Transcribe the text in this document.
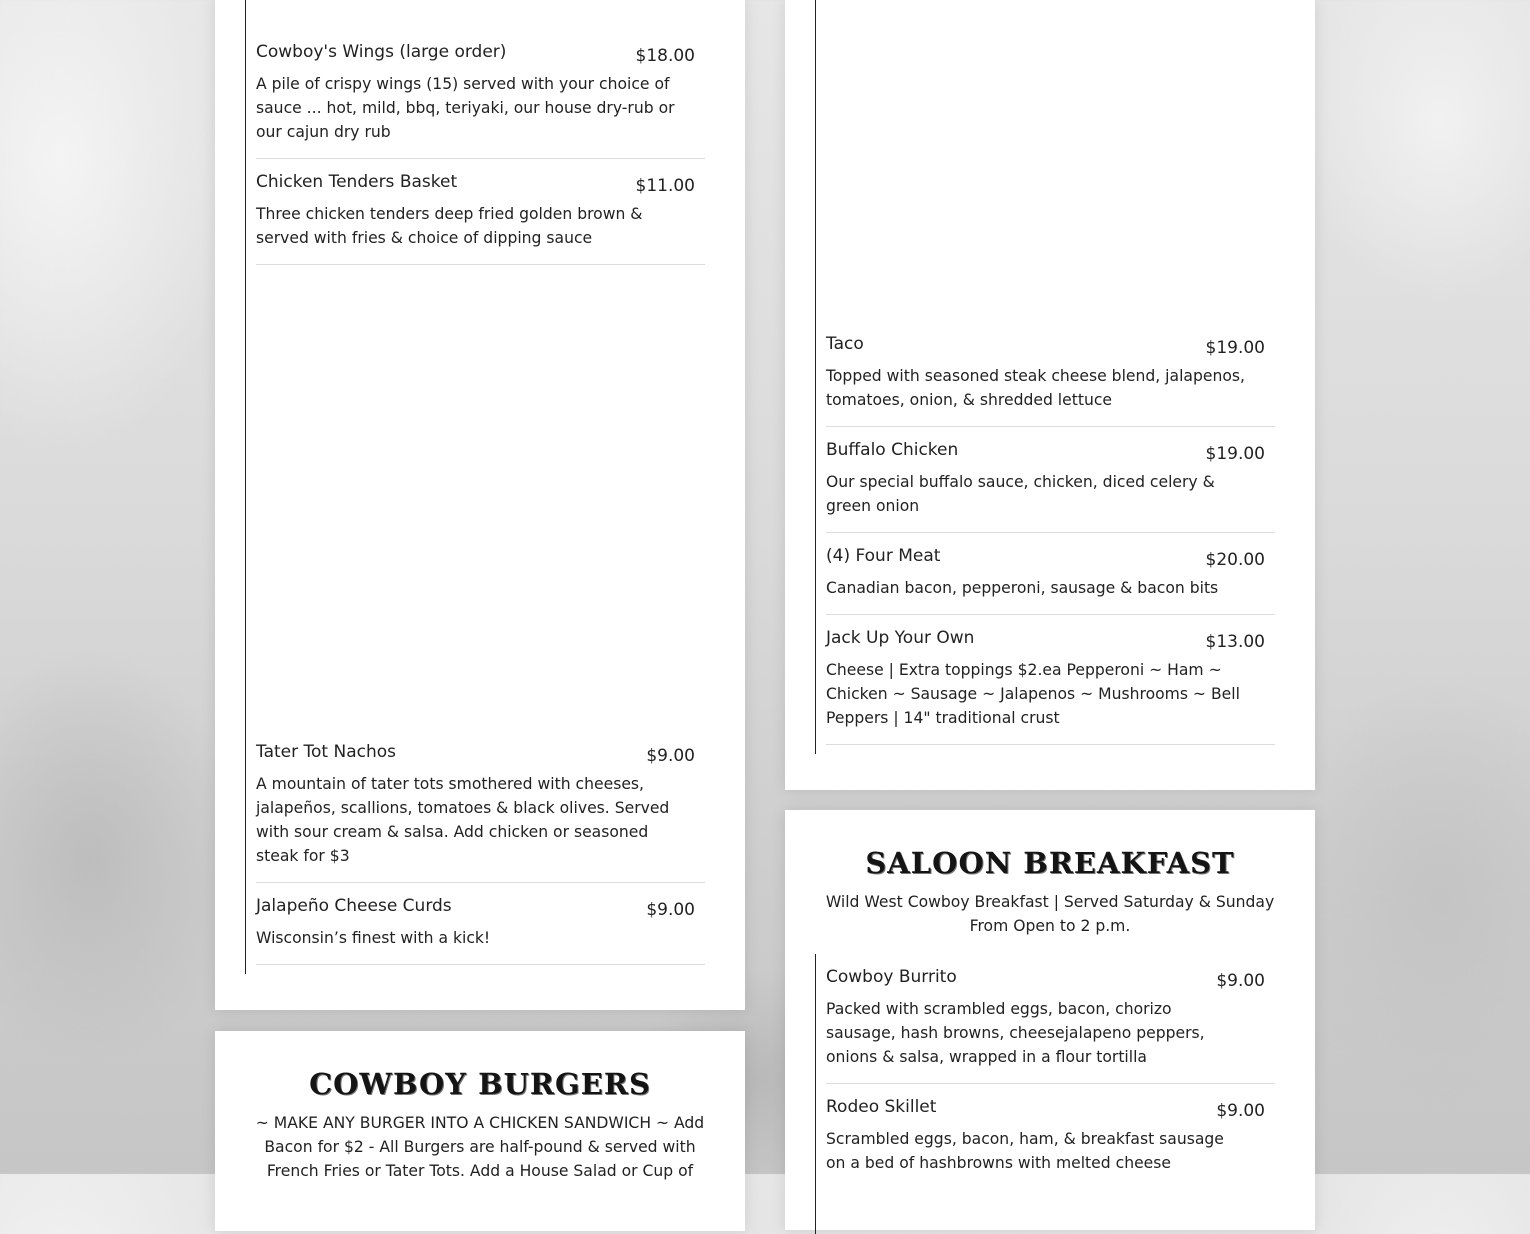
Cowboy's Wings (large order)	$18.00
A pile of crispy wings (15) served with your choice of sauce ... hot, mild, bbq, teriyaki, our house dry-rub or our cajun dry rub
Chicken Tenders Basket	$11.00
Three chicken tenders deep fried golden brown & served with fries & choice of dipping sauce
Tater Tot Nachos	$9.00
A mountain of tater tots smothered with cheeses, jalapeños, scallions, tomatoes & black olives. Served with sour cream & salsa. Add chicken or seasoned steak for $3
Jalapeño Cheese Curds	$9.00
Wisconsin’s finest with a kick!
Taco	$19.00
Topped with seasoned steak cheese blend, jalapenos, tomatoes, onion, & shredded lettuce
Buffalo Chicken	$19.00
Our special buffalo sauce, chicken, diced celery & green onion
(4) Four Meat	$20.00
Canadian bacon, pepperoni, sausage & bacon bits
Jack Up Your Own	$13.00
Cheese | Extra toppings $2.ea Pepperoni ~ Ham ~ Chicken ~ Sausage ~ Jalapenos ~ Mushrooms ~ Bell Peppers | 14" traditional crust
COWBOY BURGERS
~ MAKE ANY BURGER INTO A CHICKEN SANDWICH ~ Add Bacon for $2 - All Burgers are half-pound & served with French Fries or Tater Tots. Add a House Salad or Cup of
SALOON BREAKFAST
Wild West Cowboy Breakfast | Served Saturday & Sunday From Open to 2 p.m.
Cowboy Burrito	$9.00
Packed with scrambled eggs, bacon, chorizo sausage, hash browns, cheesejalapeno peppers, onions & salsa, wrapped in a flour tortilla
Rodeo Skillet	$9.00
Scrambled eggs, bacon, ham, & breakfast sausage on a bed of hashbrowns with melted cheese
